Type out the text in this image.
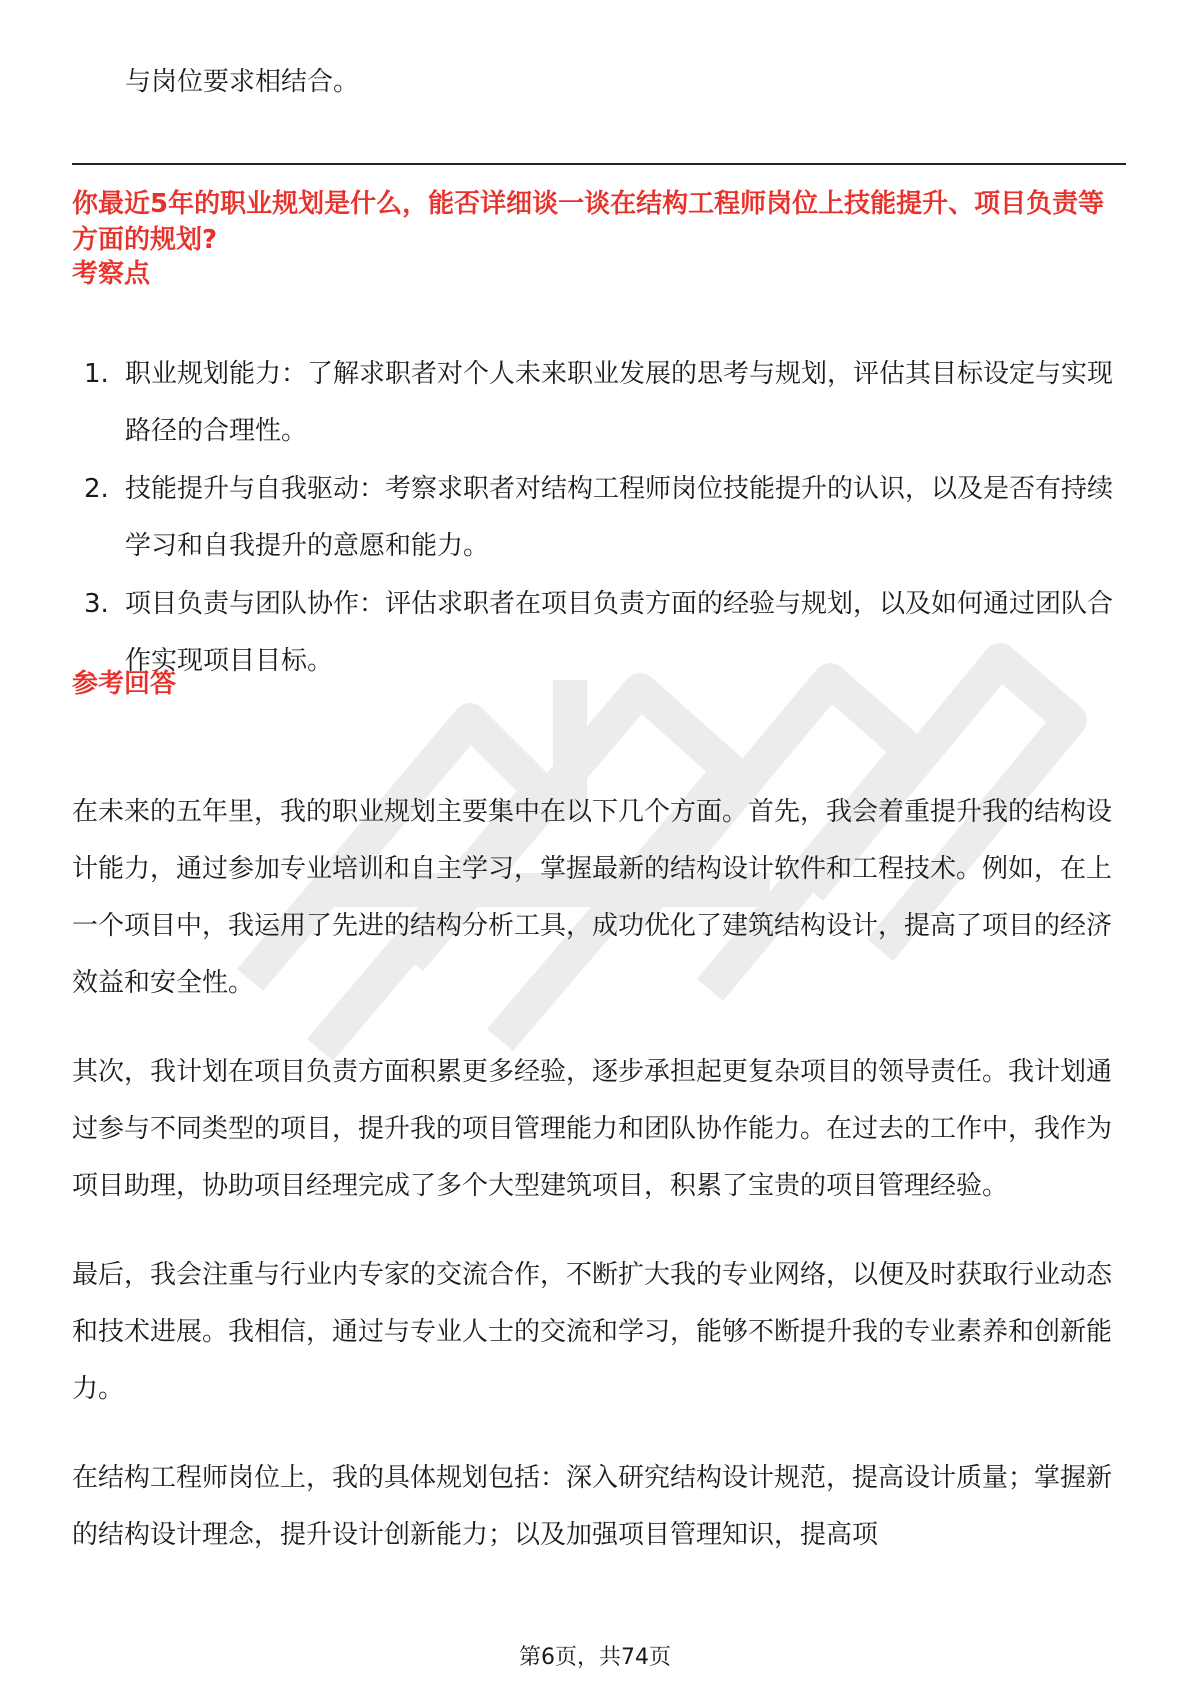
与岗位要求相结合。

你最近5年的职业规划是什么，能否详细谈一谈在结构工程师岗位上技能提升、项目负责等方面的规划?
考察点
1. 职业规划能力：了解求职者对个人未来职业发展的思考与规划，评估其目标设定与实现路径的合理性。
2. 技能提升与自我驱动：考察求职者对结构工程师岗位技能提升的认识，以及是否有持续学习和自我提升的意愿和能力。
3. 项目负责与团队协作：评估求职者在项目负责方面的经验与规划，以及如何通过团队合作实现项目目标。
参考回答

在未来的五年里，我的职业规划主要集中在以下几个方面。首先，我会着重提升我的结构设计能力，通过参加专业培训和自主学习，掌握最新的结构设计软件和工程技术。例如，在上一个项目中，我运用了先进的结构分析工具，成功优化了建筑结构设计，提高了项目的经济效益和安全性。

其次，我计划在项目负责方面积累更多经验，逐步承担起更复杂项目的领导责任。我计划通过参与不同类型的项目，提升我的项目管理能力和团队协作能力。在过去的工作中，我作为项目助理，协助项目经理完成了多个大型建筑项目，积累了宝贵的项目管理经验。

最后，我会注重与行业内专家的交流合作，不断扩大我的专业网络，以便及时获取行业动态和技术进展。我相信，通过与专业人士的交流和学习，能够不断提升我的专业素养和创新能力。

在结构工程师岗位上，我的具体规划包括：深入研究结构设计规范，提高设计质量；掌握新的结构设计理念，提升设计创新能力；以及加强项目管理知识，提高项

第6页，共74页
